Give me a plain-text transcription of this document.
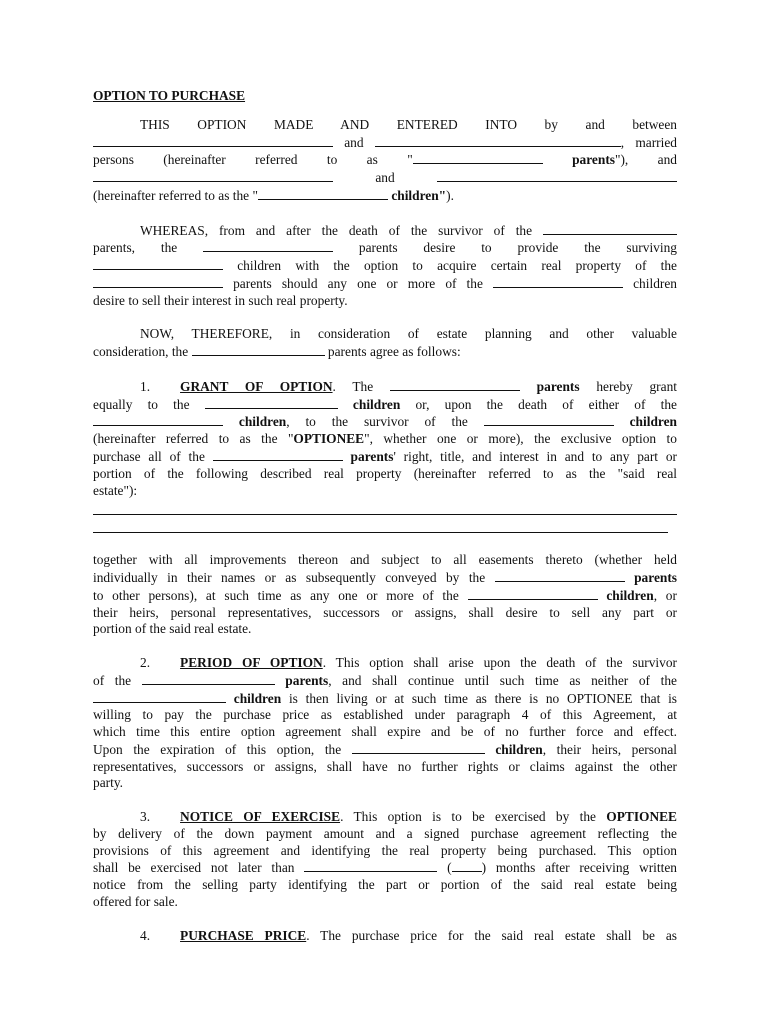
OPTION TO PURCHASE

THIS OPTION MADE AND ENTERED INTO by and between

and	, married

persons (hereinafter referred to as "	parents"), and

and

(hereinafter referred to as the "	children").

WHEREAS, from and after the death of the survivor of the

parents, the	parents desire to provide the surviving

children with the option to acquire certain real property of the

parents should any one or more of the	children

desire to sell their interest in such real property.

NOW, THEREFORE, in consideration of estate planning and other valuable

consideration, the	parents agree as follows:

1. GRANT OF OPTION. The	parents hereby grant

equally to the	children or, upon the death of either of the

children, to the survivor of the	children

(hereinafter referred to as the "OPTIONEE", whether one or more), the exclusive option to

purchase all of the	parents' right, title, and interest in and to any part or

portion of the following described real property (hereinafter referred to as the "said real

estate"):

together with all improvements thereon and subject to all easements thereto (whether held

individually in their names or as subsequently conveyed by the	parents

to other persons), at such time as any one or more of the	children, or

their heirs, personal representatives, successors or assigns, shall desire to sell any part or

portion of the said real estate.

2. PERIOD OF OPTION. This option shall arise upon the death of the survivor

of the	parents, and shall continue until such time as neither of the

children is then living or at such time as there is no OPTIONEE that is

willing to pay the purchase price as established under paragraph 4 of this Agreement, at

which time this entire option agreement shall expire and be of no further force and effect.

Upon the expiration of this option, the	children, their heirs, personal

representatives, successors or assigns, shall have no further rights or claims against the other

party.

3. NOTICE OF EXERCISE. This option is to be exercised by the OPTIONEE

by delivery of the down payment amount and a signed purchase agreement reflecting the

provisions of this agreement and identifying the real property being purchased. This option

shall be exercised not later than	( ) months after receiving written

notice from the selling party identifying the part or portion of the said real estate being

offered for sale.

4. PURCHASE PRICE. The purchase price for the said real estate shall be as
